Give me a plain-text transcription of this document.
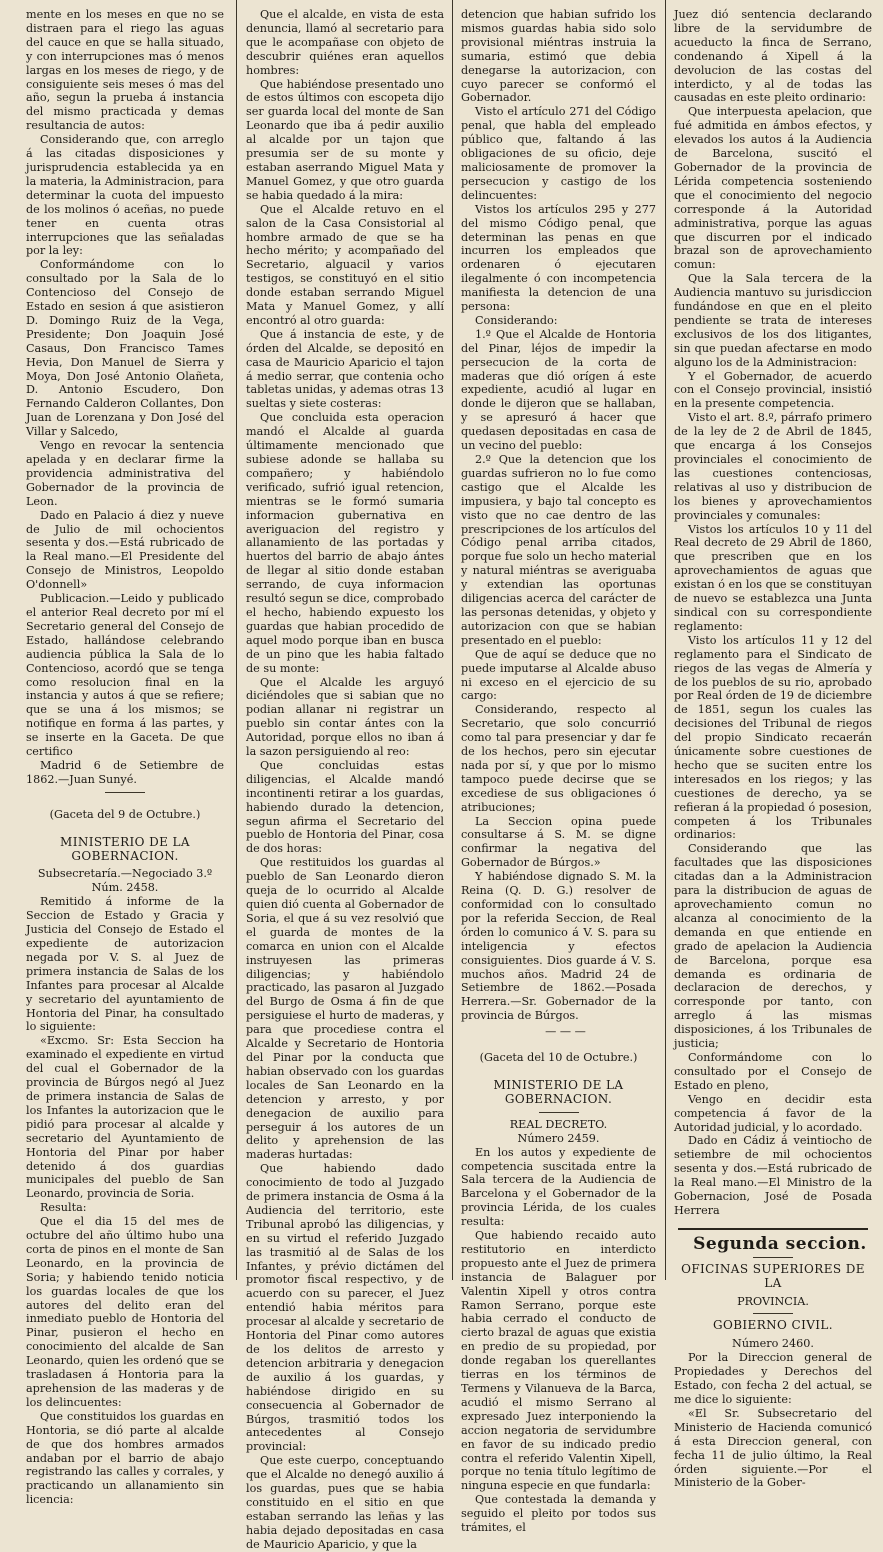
mente en los meses en que no se distraen para el riego las aguas del cauce en que se halla situado, y con interrupciones mas ó menos largas en los meses de riego, y de consiguiente seis meses ó mas del año, segun la prueba á instancia del mismo practicada y demas resultancia de autos:

Considerando que, con arreglo á las citadas disposiciones y jurisprudencia establecida ya en la materia, la Administracion, para determinar la cuota del impuesto de los molinos ó aceñas, no puede tener en cuenta otras interrupciones que las señaladas por la ley:

Conformándome con lo consultado por la Sala de lo Contencioso del Consejo de Estado en sesion á que asistieron D. Domingo Ruiz de la Vega, Presidente; Don Joaquin José Casaus, Don Francisco Tames Hevia, Don Manuel de Sierra y Moya, Don José Antonio Olañeta, D. Antonio Escudero, Don Fernando Calderon Collantes, Don Juan de Lorenzana y Don José del Villar y Salcedo,

Vengo en revocar la sentencia apelada y en declarar firme la providencia administrativa del Gobernador de la provincia de Leon.

Dado en Palacio á diez y nueve de Julio de mil ochocientos sesenta y dos.—Está rubricado de la Real mano.—El Presidente del Consejo de Ministros, Leopoldo O'donnell»

Publicacion.—Leido y publicado el anterior Real decreto por mí el Secretario general del Consejo de Estado, hallándose celebrando audiencia pública la Sala de lo Contencioso, acordó que se tenga como resolucion final en la instancia y autos á que se refiere; que se una á los mismos; se notifique en forma á las partes, y se inserte en la Gaceta. De que certifico

Madrid 6 de Setiembre de 1862.—Juan Sunyé.

(Gaceta del 9 de Octubre.)

MINISTERIO DE LA GOBERNACION.

Subsecretaría.—Negociado 3.º

Núm. 2458.

Remitido á informe de la Seccion de Estado y Gracia y Justicia del Consejo de Estado el expediente de autorizacion negada por V. S. al Juez de primera instancia de Salas de los Infantes para procesar al Alcalde y secretario del ayuntamiento de Hontoria del Pinar, ha consultado lo siguiente:

«Excmo. Sr: Esta Seccion ha examinado el expediente en virtud del cual el Gobernador de la provincia de Búrgos negó al Juez de primera instancia de Salas de los Infantes la autorizacion que le pidió para procesar al alcalde y secretario del Ayuntamiento de Hontoria del Pinar por haber detenido á dos guardias municipales del pueblo de San Leonardo, provincia de Soria.

Resulta:

Que el dia 15 del mes de octubre del año último hubo una corta de pinos en el monte de San Leonardo, en la provincia de Soria; y habiendo tenido noticia los guardas locales de que los autores del delito eran del inmediato pueblo de Hontoria del Pinar, pusieron el hecho en conocimiento del alcalde de San Leonardo, quien les ordenó que se trasladasen á Hontoria para la aprehension de las maderas y de los delincuentes:

Que constituidos los guardas en Hontoria, se dió parte al alcalde de que dos hombres armados andaban por el barrio de abajo registrando las calles y corrales, y practicando un allanamiento sin licencia:

Que el alcalde, en vista de esta denuncia, llamó al secretario para que le acompañase con objeto de descubrir quiénes eran aquellos hombres:

Que habiéndose presentado uno de estos últimos con escopeta dijo ser guarda local del monte de San Leonardo que iba á pedir auxilio al alcalde por un tajon que presumia ser de su monte y estaban aserrando Miguel Mata y Manuel Gomez, y que otro guarda se habia quedado á la mira:

Que el Alcalde retuvo en el salon de la Casa Consistorial al hombre armado de que se ha hecho mérito; y acompañado del Secretario, alguacil y varios testigos, se constituyó en el sitio donde estaban serrando Miguel Mata y Manuel Gomez, y allí encontró al otro guarda:

Que á instancia de este, y de órden del Alcalde, se depositó en casa de Mauricio Aparicio el tajon á medio serrar, que contenia ocho tabletas unidas, y ademas otras 13 sueltas y siete costeras:

Que concluida esta operacion mandó el Alcalde al guarda últimamente mencionado que subiese adonde se hallaba su compañero; y habiéndolo verificado, sufrió igual retencion, mientras se le formó sumaria informacion gubernativa en averiguacion del registro y allanamiento de las portadas y huertos del barrio de abajo ántes de llegar al sitio donde estaban serrando, de cuya informacion resultó segun se dice, comprobado el hecho, habiendo expuesto los guardas que habian procedido de aquel modo porque iban en busca de un pino que les habia faltado de su monte:

Que el Alcalde les arguyó diciéndoles que si sabian que no podian allanar ni registrar un pueblo sin contar ántes con la Autoridad, porque ellos no iban á la sazon persiguiendo al reo:

Que concluidas estas diligencias, el Alcalde mandó incontinenti retirar a los guardas, habiendo durado la detencion, segun afirma el Secretario del pueblo de Hontoria del Pinar, cosa de dos horas:

Que restituidos los guardas al pueblo de San Leonardo dieron queja de lo ocurrido al Alcalde quien dió cuenta al Gobernador de Soria, el que á su vez resolvió que el guarda de montes de la comarca en union con el Alcalde instruyesen las primeras diligencias; y habiéndolo practicado, las pasaron al Juzgado del Burgo de Osma á fin de que persiguiese el hurto de maderas, y para que procediese contra el Alcalde y Secretario de Hontoria del Pinar por la conducta que habian observado con los guardas locales de San Leonardo en la detencion y arresto, y por denegacion de auxilio para perseguir á los autores de un delito y aprehension de las maderas hurtadas:

Que habiendo dado conocimiento de todo al Juzgado de primera instancia de Osma á la Audiencia del territorio, este Tribunal aprobó las diligencias, y en su virtud el referido Juzgado las trasmitió al de Salas de los Infantes, y prévio dictámen del promotor fiscal respectivo, y de acuerdo con su parecer, el Juez entendió habia méritos para procesar al alcalde y secretario de Hontoria del Pinar como autores de los delitos de arresto y detencion arbitraria y denegacion de auxilio á los guardas, y habiéndose dirigido en su consecuencia al Gobernador de Búrgos, trasmitió todos los antecedentes al Consejo provincial:

Que este cuerpo, conceptuando que el Alcalde no denegó auxilio á los guardas, pues que se habia constituido en el sitio en que estaban serrando las leñas y las habia dejado depositadas en casa de Mauricio Aparicio, y que la

detencion que habian sufrido los mismos guardas habia sido solo provisional miéntras instruia la sumaria, estimó que debia denegarse la autorizacion, con cuyo parecer se conformó el Gobernador.

Visto el artículo 271 del Código penal, que habla del empleado público que, faltando á las obligaciones de su oficio, deje maliciosamente de promover la persecucion y castigo de los delincuentes:

Vistos los artículos 295 y 277 del mismo Código penal, que determinan las penas en que incurren los empleados que ordenaren ó ejecutaren ilegalmente ó con incompetencia manifiesta la detencion de una persona:

Considerando:

1.º Que el Alcalde de Hontoria del Pinar, léjos de impedir la persecucion de la corta de maderas que dió orígen á este expediente, acudió al lugar en donde le dijeron que se hallaban, y se apresuró á hacer que quedasen depositadas en casa de un vecino del pueblo:

2.º Que la detencion que los guardas sufrieron no lo fue como castigo que el Alcalde les impusiera, y bajo tal concepto es visto que no cae dentro de las prescripciones de los artículos del Código penal arriba citados, porque fue solo un hecho material y natural miéntras se averiguaba y extendian las oportunas diligencias acerca del carácter de las personas detenidas, y objeto y autorizacion con que se habian presentado en el pueblo:

Que de aquí se deduce que no puede imputarse al Alcalde abuso ni exceso en el ejercicio de su cargo:

Considerando, respecto al Secretario, que solo concurrió como tal para presenciar y dar fe de los hechos, pero sin ejecutar nada por sí, y que por lo mismo tampoco puede decirse que se excediese de sus obligaciones ó atribuciones;

La Seccion opina puede consultarse á S. M. se digne confirmar la negativa del Gobernador de Búrgos.»

Y habiéndose dignado S. M. la Reina (Q. D. G.) resolver de conformidad con lo consultado por la referida Seccion, de Real órden lo comunico á V. S. para su inteligencia y efectos consiguientes. Dios guarde á V. S. muchos años. Madrid 24 de Setiembre de 1862.—Posada Herrera.—Sr. Gobernador de la provincia de Búrgos.

— — —

(Gaceta del 10 de Octubre.)

MINISTERIO DE LA GOBERNACION.

REAL DECRETO.

Número 2459.

En los autos y expediente de competencia suscitada entre la Sala tercera de la Audiencia de Barcelona y el Gobernador de la provincia Lérida, de los cuales resulta:

Que habiendo recaido auto restitutorio en interdicto propuesto ante el Juez de primera instancia de Balaguer por Valentin Xipell y otros contra Ramon Serrano, porque este habia cerrado el conducto de cierto brazal de aguas que existia en predio de su propiedad, por donde regaban los querellantes tierras en los términos de Termens y Vilanueva de la Barca, acudió el mismo Serrano al expresado Juez interponiendo la accion negatoria de servidumbre en favor de su indicado predio contra el referido Valentin Xipell, porque no tenia título legítimo de ninguna especie en que fundarla:

Que contestada la demanda y seguido el pleito por todos sus trámites, el

Juez dió sentencia declarando libre de la servidumbre de acueducto la finca de Serrano, condenando á Xipell á la devolucion de las costas del interdicto, y al de todas las causadas en este pleito ordinario:

Que interpuesta apelacion, que fué admitida en ámbos efectos, y elevados los autos á la Audiencia de Barcelona, suscitó el Gobernador de la provincia de Lérida competencia sosteniendo que el conocimiento del negocio corresponde á la Autoridad administrativa, porque las aguas que discurren por el indicado brazal son de aprovechamiento comun:

Que la Sala tercera de la Audiencia mantuvo su jurisdiccion fundándose en que en el pleito pendiente se trata de intereses exclusivos de los dos litigantes, sin que puedan afectarse en modo alguno los de la Administracion:

Y el Gobernador, de acuerdo con el Consejo provincial, insistió en la presente competencia.

Visto el art. 8.º, párrafo primero de la ley de 2 de Abril de 1845, que encarga á los Consejos provinciales el conocimiento de las cuestiones contenciosas, relativas al uso y distribucion de los bienes y aprovechamientos provinciales y comunales:

Vistos los artículos 10 y 11 del Real decreto de 29 Abril de 1860, que prescriben que en los aprovechamientos de aguas que existan ó en los que se constituyan de nuevo se establezca una Junta sindical con su correspondiente reglamento:

Visto los artículos 11 y 12 del reglamento para el Sindicato de riegos de las vegas de Almería y de los pueblos de su rio, aprobado por Real órden de 19 de diciembre de 1851, segun los cuales las decisiones del Tribunal de riegos del propio Sindicato recaerán únicamente sobre cuestiones de hecho que se suciten entre los interesados en los riegos; y las cuestiones de derecho, ya se refieran á la propiedad ó posesion, competen á los Tribunales ordinarios:

Considerando que las facultades que las disposiciones citadas dan a la Administracion para la distribucion de aguas de aprovechamiento comun no alcanza al conocimiento de la demanda en que entiende en grado de apelacion la Audiencia de Barcelona, porque esa demanda es ordinaria de declaracion de derechos, y corresponde por tanto, con arreglo á las mismas disposiciones, á los Tribunales de justicia;

Conformándome con lo consultado por el Consejo de Estado en pleno,

Vengo en decidir esta competencia á favor de la Autoridad judicial, y lo acordado.

Dado en Cádiz á veintiocho de setiembre de mil ochocientos sesenta y dos.—Está rubricado de la Real mano.—El Ministro de la Gobernacion, José de Posada Herrera

Segunda seccion.

OFICINAS SUPERIORES DE LA

PROVINCIA.

GOBIERNO CIVIL.

Número 2460.

Por la Direccion general de Propiedades y Derechos del Estado, con fecha 2 del actual, se me dice lo siguiente:

«El Sr. Subsecretario del Ministerio de Hacienda comunicó á esta Direccion general, con fecha 11 de julio último, la Real órden siguiente.—Por el Ministerio de la Gober-
